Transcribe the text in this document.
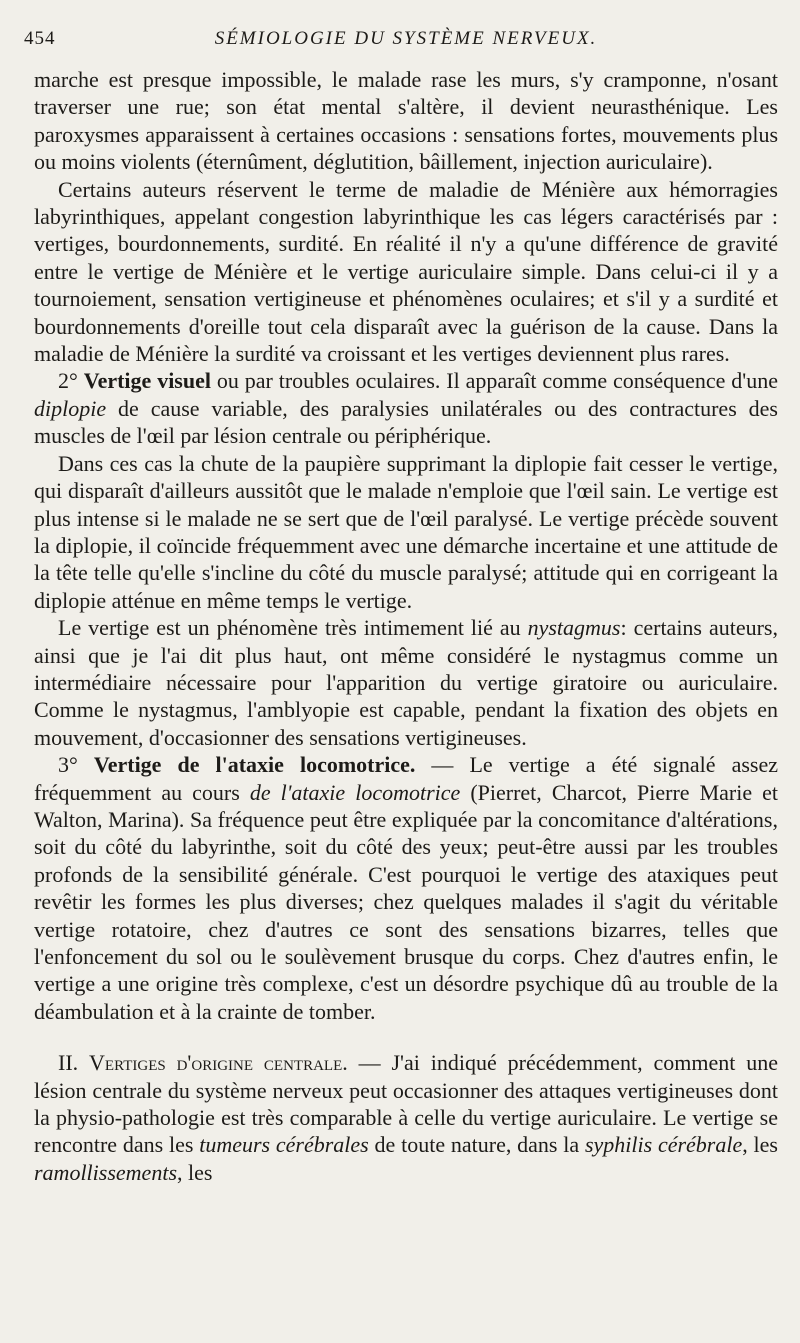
454	SÉMIOLOGIE DU SYSTÈME NERVEUX.

marche est presque impossible, le malade rase les murs, s'y cramponne, n'osant traverser une rue; son état mental s'altère, il devient neurasthénique. Les paroxysmes apparaissent à certaines occasions : sensations fortes, mouvements plus ou moins violents (éternûment, déglutition, bâillement, injection auriculaire).

Certains auteurs réservent le terme de maladie de Ménière aux hémorragies labyrinthiques, appelant congestion labyrinthique les cas légers caractérisés par : vertiges, bourdonnements, surdité. En réalité il n'y a qu'une différence de gravité entre le vertige de Ménière et le vertige auriculaire simple. Dans celui-ci il y a tournoiement, sensation vertigineuse et phénomènes oculaires; et s'il y a surdité et bourdonnements d'oreille tout cela disparaît avec la guérison de la cause. Dans la maladie de Ménière la surdité va croissant et les vertiges deviennent plus rares.

2° Vertige visuel ou par troubles oculaires. Il apparaît comme conséquence d'une diplopie de cause variable, des paralysies unilatérales ou des contractures des muscles de l'œil par lésion centrale ou périphérique.

Dans ces cas la chute de la paupière supprimant la diplopie fait cesser le vertige, qui disparaît d'ailleurs aussitôt que le malade n'emploie que l'œil sain. Le vertige est plus intense si le malade ne se sert que de l'œil paralysé. Le vertige précède souvent la diplopie, il coïncide fréquemment avec une démarche incertaine et une attitude de la tête telle qu'elle s'incline du côté du muscle paralysé; attitude qui en corrigeant la diplopie atténue en même temps le vertige.

Le vertige est un phénomène très intimement lié au nystagmus: certains auteurs, ainsi que je l'ai dit plus haut, ont même considéré le nystagmus comme un intermédiaire nécessaire pour l'apparition du vertige giratoire ou auriculaire. Comme le nystagmus, l'amblyopie est capable, pendant la fixation des objets en mouvement, d'occasionner des sensations vertigineuses.

3° Vertige de l'ataxie locomotrice. — Le vertige a été signalé assez fréquemment au cours de l'ataxie locomotrice (Pierret, Charcot, Pierre Marie et Walton, Marina). Sa fréquence peut être expliquée par la concomitance d'altérations, soit du côté du labyrinthe, soit du côté des yeux; peut-être aussi par les troubles profonds de la sensibilité générale. C'est pourquoi le vertige des ataxiques peut revêtir les formes les plus diverses; chez quelques malades il s'agit du véritable vertige rotatoire, chez d'autres ce sont des sensations bizarres, telles que l'enfoncement du sol ou le soulèvement brusque du corps. Chez d'autres enfin, le vertige a une origine très complexe, c'est un désordre psychique dû au trouble de la déambulation et à la crainte de tomber.

II. Vertiges d'origine centrale. — J'ai indiqué précédemment, comment une lésion centrale du système nerveux peut occasionner des attaques vertigineuses dont la physio-pathologie est très comparable à celle du vertige auriculaire. Le vertige se rencontre dans les tumeurs cérébrales de toute nature, dans la syphilis cérébrale, les ramollissements, les
